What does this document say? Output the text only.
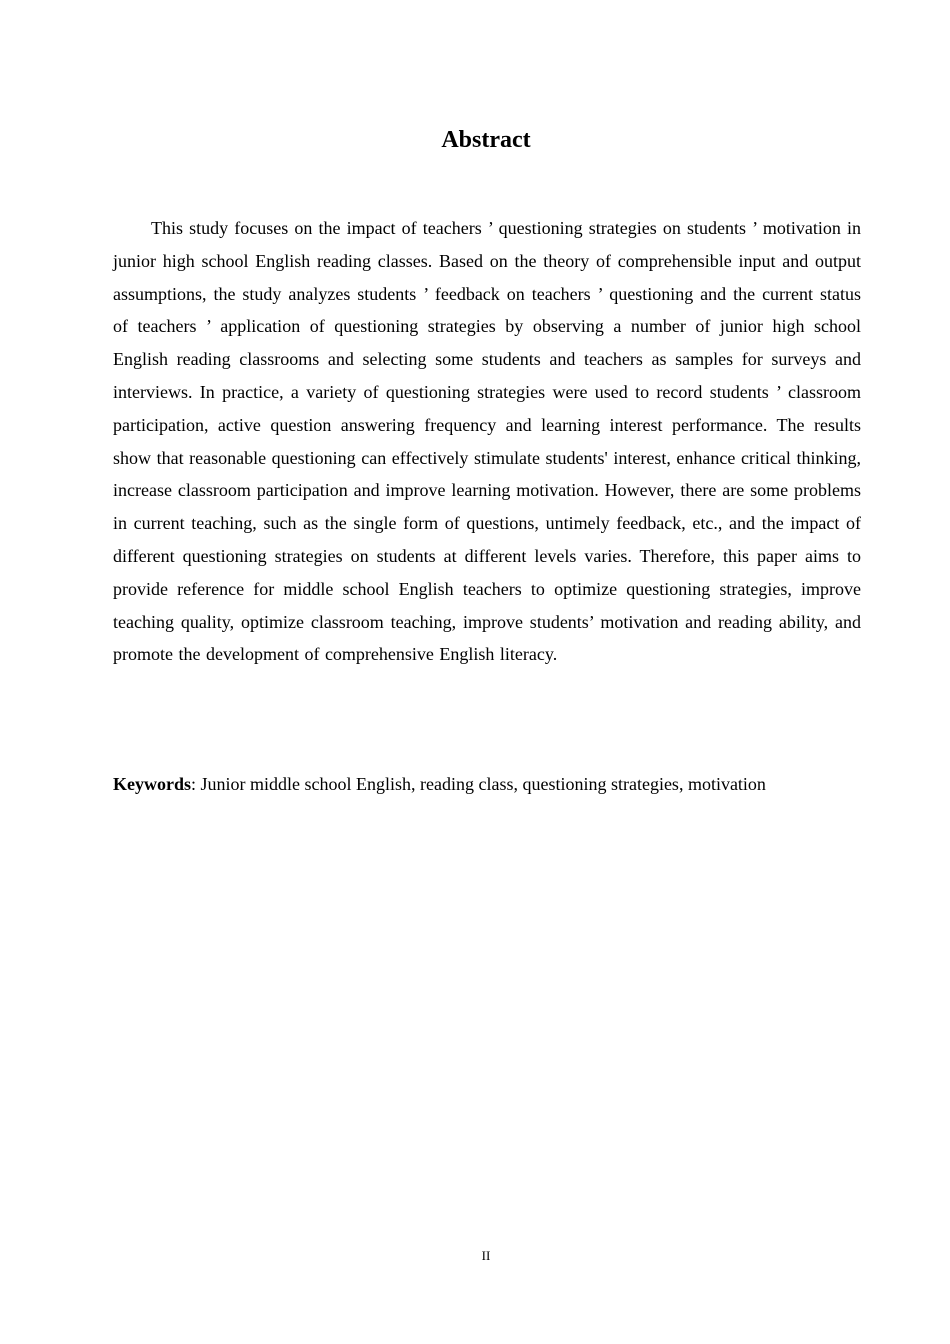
Abstract

This study focuses on the impact of teachers ’ questioning strategies on students ’ motivation in junior high school English reading classes. Based on the theory of comprehensible input and output assumptions, the study analyzes students ’ feedback on teachers ’ questioning and the current status of teachers ’ application of questioning strategies by observing a number of junior high school English reading classrooms and selecting some students and teachers as samples for surveys and interviews. In practice, a variety of questioning strategies were used to record students ’ classroom participation, active question answering frequency and learning interest performance. The results show that reasonable questioning can effectively stimulate students' interest, enhance critical thinking, increase classroom participation and improve learning motivation. However, there are some problems in current teaching, such as the single form of questions, untimely feedback, etc., and the impact of different questioning strategies on students at different levels varies. Therefore, this paper aims to provide reference for middle school English teachers to optimize questioning strategies, improve teaching quality, optimize classroom teaching, improve students’ motivation and reading ability, and promote the development of comprehensive English literacy.

Keywords: Junior middle school English, reading class, questioning strategies, motivation

II
